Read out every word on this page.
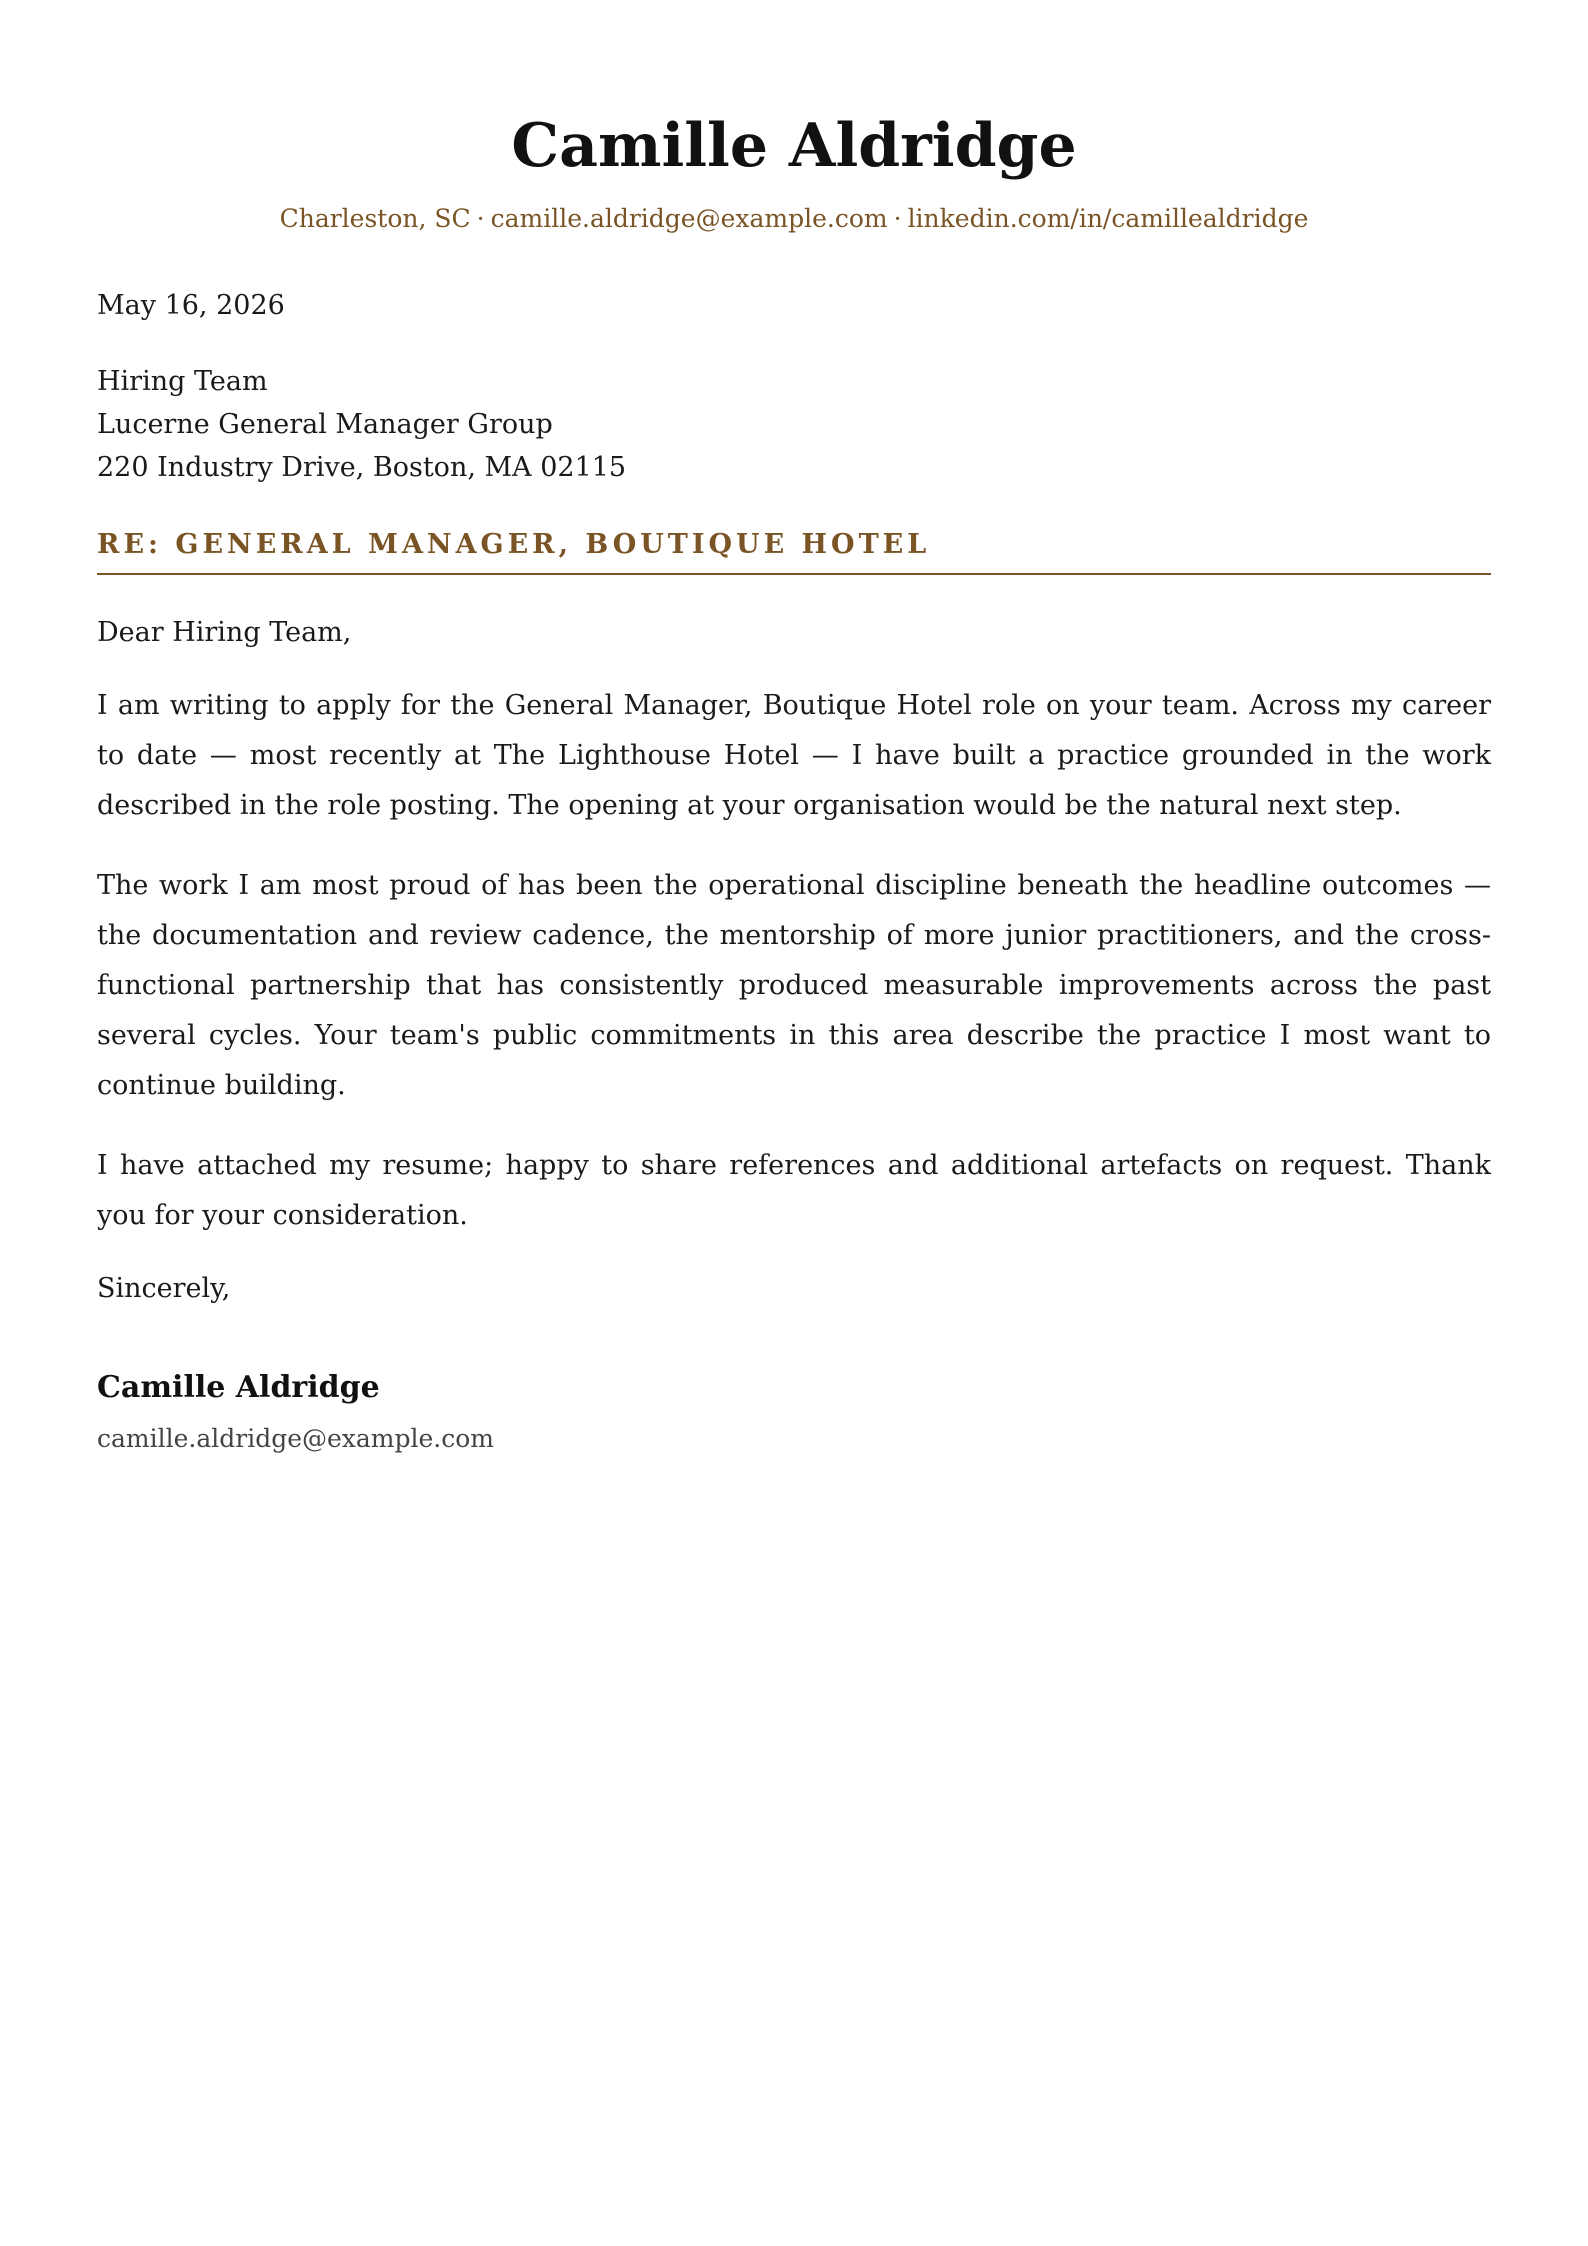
Camille Aldridge
Charleston, SC · camille.aldridge@example.com · linkedin.com/in/camillealdridge
May 16, 2026
Hiring Team
Lucerne General Manager Group
220 Industry Drive, Boston, MA 02115
RE: GENERAL MANAGER, BOUTIQUE HOTEL
Dear Hiring Team,

I am writing to apply for the General Manager, Boutique Hotel role on your team. Across my career to date — most recently at The Lighthouse Hotel — I have built a practice grounded in the work described in the role posting. The opening at your organisation would be the natural next step.

The work I am most proud of has been the operational discipline beneath the headline outcomes — the documentation and review cadence, the mentorship of more junior practitioners, and the cross-functional partnership that has consistently produced measurable improvements across the past several cycles. Your team's public commitments in this area describe the practice I most want to continue building.

I have attached my resume; happy to share references and additional artefacts on request. Thank you for your consideration.

Sincerely,
Camille Aldridge
camille.aldridge@example.com
